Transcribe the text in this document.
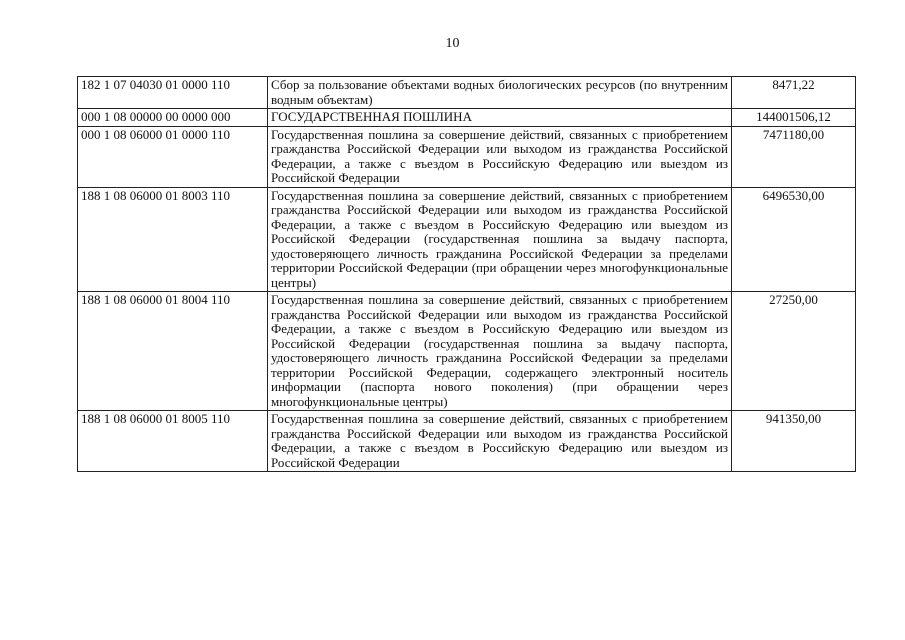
10
182 1 07 04030 01 0000 110	Сбор за пользование объектами водных биологических ресурсов (по внутренним водным объектам)	8471,22
000 1 08 00000 00 0000 000	ГОСУДАРСТВЕННАЯ ПОШЛИНА	144001506,12
000 1 08 06000 01 0000 110	Государственная пошлина за совершение действий, связанных с приобретением гражданства Российской Федерации или выходом из гражданства Российской Федерации, а также с въездом в Российскую Федерацию или выездом из Российской Федерации	7471180,00
188 1 08 06000 01 8003 110	Государственная пошлина за совершение действий, связанных с приобретением гражданства Российской Федерации или выходом из гражданства Российской Федерации, а также с въездом в Российскую Федерацию или выездом из Российской Федерации (государственная пошлина за выдачу паспорта, удостоверяющего личность гражданина Российской Федерации за пределами территории Российской Федерации (при обращении через многофункциональные центры)	6496530,00
188 1 08 06000 01 8004 110	Государственная пошлина за совершение действий, связанных с приобретением гражданства Российской Федерации или выходом из гражданства Российской Федерации, а также с въездом в Российскую Федерацию или выездом из Российской Федерации (государственная пошлина за выдачу паспорта, удостоверяющего личность гражданина Российской Федерации за пределами территории Российской Федерации, содержащего электронный носитель информации (паспорта нового поколения) (при обращении через многофункциональные центры)	27250,00
188 1 08 06000 01 8005 110	Государственная пошлина за совершение действий, связанных с приобретением гражданства Российской Федерации или выходом из гражданства Российской Федерации, а также с въездом в Российскую Федерацию или выездом из Российской Федерации	941350,00
